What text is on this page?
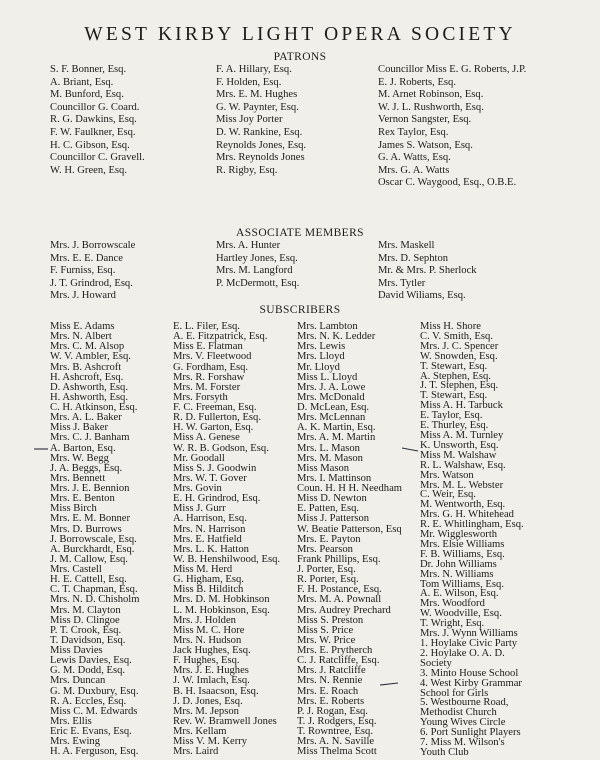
WEST KIRBY LIGHT OPERA SOCIETY
PATRONS
S. F. Bonner, Esq.
A. Briant, Esq.
M. Bunford, Esq.
Councillor G. Coard.
R. G. Dawkins, Esq.
F. W. Faulkner, Esq.
H. C. Gibson, Esq.
Councillor C. Gravell.
W. H. Green, Esq.
F. A. Hillary, Esq.
F. Holden, Esq.
Mrs. E. M. Hughes
G. W. Paynter, Esq.
Miss Joy Porter
D. W. Rankine, Esq.
Reynolds Jones, Esq.
Mrs. Reynolds Jones
R. Rigby, Esq.
Councillor Miss E. G. Roberts, J.P.
E. J. Roberts, Esq.
M. Arnet Robinson, Esq.
W. J. L. Rushworth, Esq.
Vernon Sangster, Esq.
Rex Taylor, Esq.
James S. Watson, Esq.
G. A. Watts, Esq.
Mrs. G. A. Watts
Oscar C. Waygood, Esq., O.B.E.
ASSOCIATE MEMBERS
Mrs. J. Borrowscale
Mrs. E. E. Dance
F. Furniss, Esq.
J. T. Grindrod, Esq.
Mrs. J. Howard
Mrs. A. Hunter
Hartley Jones, Esq.
Mrs. M. Langford
P. McDermott, Esq.
Mrs. Maskell
Mrs. D. Sephton
Mr. & Mrs. P. Sherlock
Mrs. Tytler
David Wiliams, Esq.
SUBSCRIBERS
Miss E. Adams
Mrs. N. Albert
Mrs. C. M. Alsop
W. V. Ambler, Esq.
Mrs. B. Ashcroft
H. Ashcroft, Esq.
D. Ashworth, Esq.
H. Ashworth, Esq.
C. H. Atkinson, Esq.
Mrs. A. L. Baker
Miss J. Baker
Mrs. C. J. Banham
A. Barton, Esq.
Mrs. W. Begg
J. A. Beggs, Esq.
Mrs. Bennett
Mrs. J. E. Bennion
Mrs. E. Benton
Miss Birch
Mrs. E. M. Bonner
Mrs. D. Burrows
J. Borrowscale, Esq.
A. Burckhardt, Esq.
J. M. Callow, Esq.
Mrs. Castell
H. E. Cattell, Esq.
C. T. Chapman, Esq.
Mrs. N. D. Chisholm
Mrs. M. Clayton
Miss D. Clingoe
P. T. Crook, Esq.
T. Davidson, Esq.
Miss Davies
Lewis Davies, Esq.
G. M. Dodd, Esq.
Mrs. Duncan
G. M. Duxbury, Esq.
R. A. Eccles, Esq.
Miss C. M. Edwards
Mrs. Ellis
Eric E. Evans, Esq.
Mrs. Ewing
H. A. Ferguson, Esq.
E. L. Filer, Esq.
A. E. Fitzpatrick, Esq.
Miss E. Flatman
Mrs. V. Fleetwood
G. Fordham, Esq.
Mrs. R. Forshaw
Mrs. M. Forster
Mrs. Forsyth
F. C. Freeman, Esq.
R. D. Fullerton, Esq.
H. W. Garton, Esq.
Miss A. Genese
W. R. B. Godson, Esq.
Mr. Goodall
Miss S. J. Goodwin
Mrs. W. T. Gover
Mrs. Govin
E. H. Grindrod, Esq.
Miss J. Gurr
A. Harrison, Esq.
Mrs. N. Harrison
Mrs. E. Hatfield
Mrs. L. K. Hatton
W. B. Henshilwood, Esq.
Miss M. Herd
G. Higham, Esq.
Miss B. Hilditch
Mrs. D. M. Hobkinson
L. M. Hobkinson, Esq.
Mrs. J. Holden
Miss M. C. Hore
Mrs. N. Hudson
Jack Hughes, Esq.
F. Hughes, Esq.
Mrs. J. E. Hughes
J. W. Imlach, Esq.
B. H. Isaacson, Esq.
J. D. Jones, Esq.
Mrs. M. Jepson
Rev. W. Bramwell Jones
Mrs. Kellam
Miss V. M. Kerry
Mrs. Laird
Mrs. Lambton
Mrs. N. K. Ledder
Mrs. Lewis
Mrs. Lloyd
Mr. Lloyd
Miss L. Lloyd
Mrs. J. A. Lowe
Mrs. McDonald
D. McLean, Esq.
Mrs. McLennan
A. K. Martin, Esq.
Mrs. A. M. Martin
Mrs. L. Mason
Mrs. M. Mason
Miss Mason
Mrs. I. Mattinson
Coun. H. H H. Needham
Miss D. Newton
E. Patten, Esq.
Miss J. Patterson
W. Beatie Patterson, Esq
Mrs. E. Payton
Mrs. Pearson
Frank Phillips, Esq.
J. Porter, Esq.
R. Porter, Esq.
F. H. Postance, Esq.
Mrs. M. A. Pownall
Mrs. Audrey Prechard
Miss S. Preston
Miss S. Price
Mrs. W. Price
Mrs. E. Prytherch
C. J. Ratcliffe, Esq.
Mrs. J. Ratcliffe
Mrs. N. Rennie
Mrs. E. Roach
Mrs. E. Roberts
P. J. Rogan, Esq.
T. J. Rodgers, Esq.
T. Rowntree, Esq.
Mrs. A. N. Saville
Miss Thelma Scott
Miss H. Shore
C. V. Smith, Esq.
Mrs. J. C. Spencer
W. Snowden, Esq.
T. Stewart, Esq.
A. Stephen, Esq.
J. T. Stephen, Esq.
T. Stewart, Esq.
Miss A. H. Tarbuck
E. Taylor, Esq.
E. Thurley, Esq.
Miss A. M. Turnley
K. Unsworth, Esq.
Miss M. Walshaw
R. L. Walshaw, Esq.
Mrs. Watson
Mrs. M. L. Webster
C. Weir, Esq.
M. Wentworth, Esq.
Mrs. G. H. Whitehead
R. E. Whitlingham, Esq.
Mr. Wigglesworth
Mrs. Elsie Williams
F. B. Williams, Esq.
Dr. John Williams
Mrs. N. Williams
Tom Williams, Esq.
A. E. Wilson, Esq.
Mrs. Woodford
W. Woodville, Esq.
T. Wright, Esq.
Mrs. J. Wynn Williams
1. Hoylake Civic Party
2. Hoylake O. A. D.
Society
3. Minto House School
4. West Kirby Grammar
School for Girls
5. Westbourne Road,
Methodist Church
Young Wives Circle
6. Port Sunlight Players
7. Miss M. Wilson's
Youth Club
